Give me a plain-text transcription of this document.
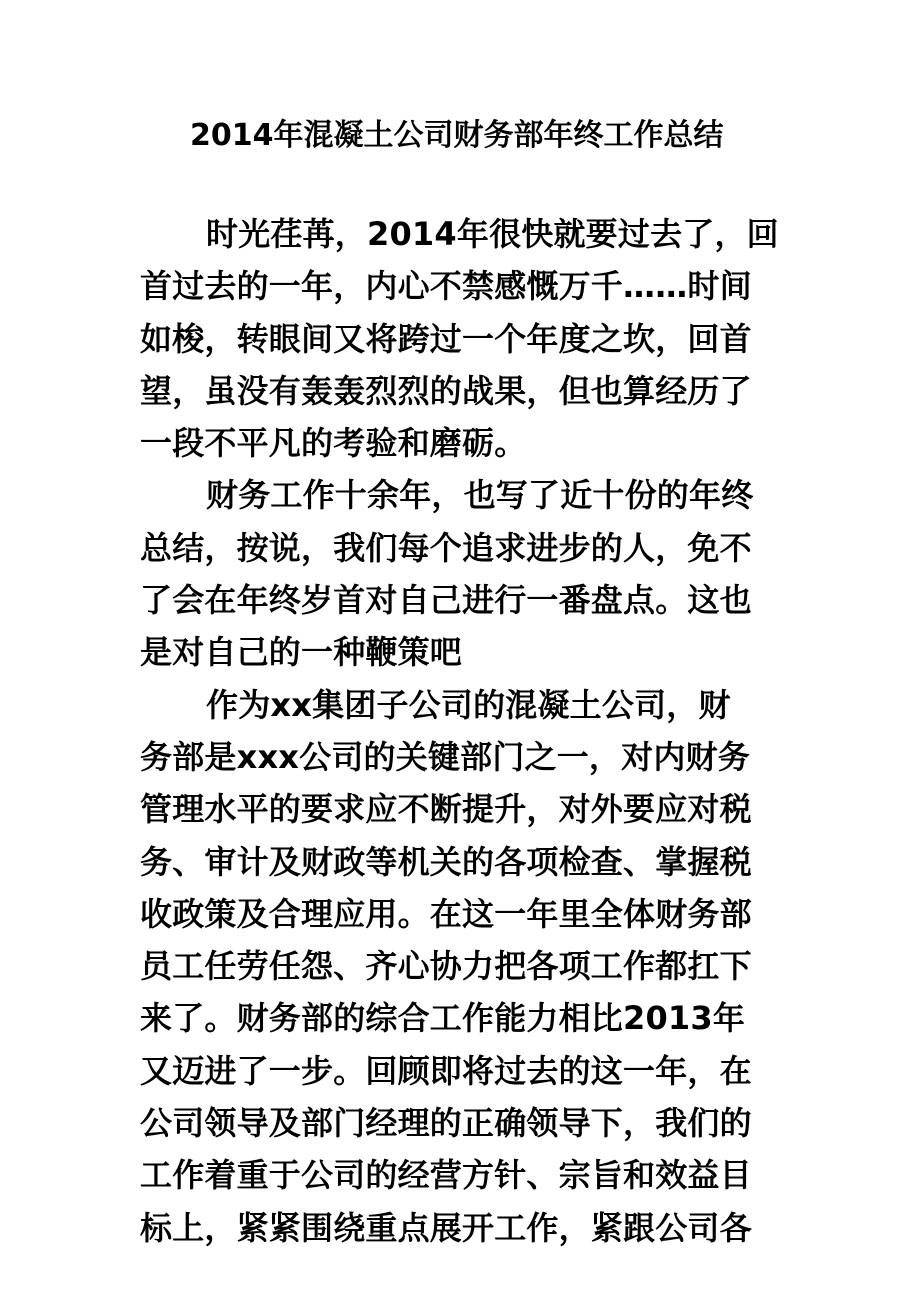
2014年混凝土公司财务部年终工作总结
时光荏苒，2014年很快就要过去了，回
首过去的一年，内心不禁感慨万千……时间
如梭，转眼间又将跨过一个年度之坎，回首
望，虽没有轰轰烈烈的战果，但也算经历了
一段不平凡的考验和磨砺。
财务工作十余年，也写了近十份的年终
总结，按说，我们每个追求进步的人，免不
了会在年终岁首对自己进行一番盘点。这也
是对自己的一种鞭策吧
作为xx集团子公司的混凝土公司，财
务部是xxx公司的关键部门之一，对内财务
管理水平的要求应不断提升，对外要应对税
务、审计及财政等机关的各项检查、掌握税
收政策及合理应用。在这一年里全体财务部
员工任劳任怨、齐心协力把各项工作都扛下
来了。财务部的综合工作能力相比2013年
又迈进了一步。回顾即将过去的这一年，在
公司领导及部门经理的正确领导下，我们的
工作着重于公司的经营方针、宗旨和效益目
标上，紧紧围绕重点展开工作，紧跟公司各
